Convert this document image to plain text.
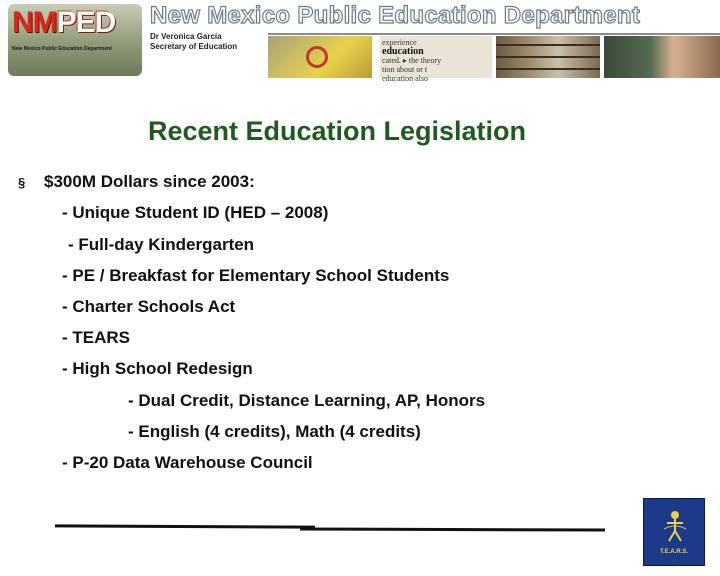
NMPED
New Mexico Public Education Department
New Mexico Public Education Department
Dr Veronica García
Secretary of Education	experience
education
cated. ▸ the theory
tion about or t
education also
Recent Education Legislation
§ $300M Dollars since 2003:
- Unique Student ID (HED – 2008)
- Full-day Kindergarten
- PE / Breakfast for Elementary School Students
- Charter Schools Act
- TEARS
- High School Redesign
- Dual Credit, Distance Learning, AP, Honors
- English (4 credits), Math (4 credits)
- P-20 Data Warehouse Council
T.E.A.R.S.
...
